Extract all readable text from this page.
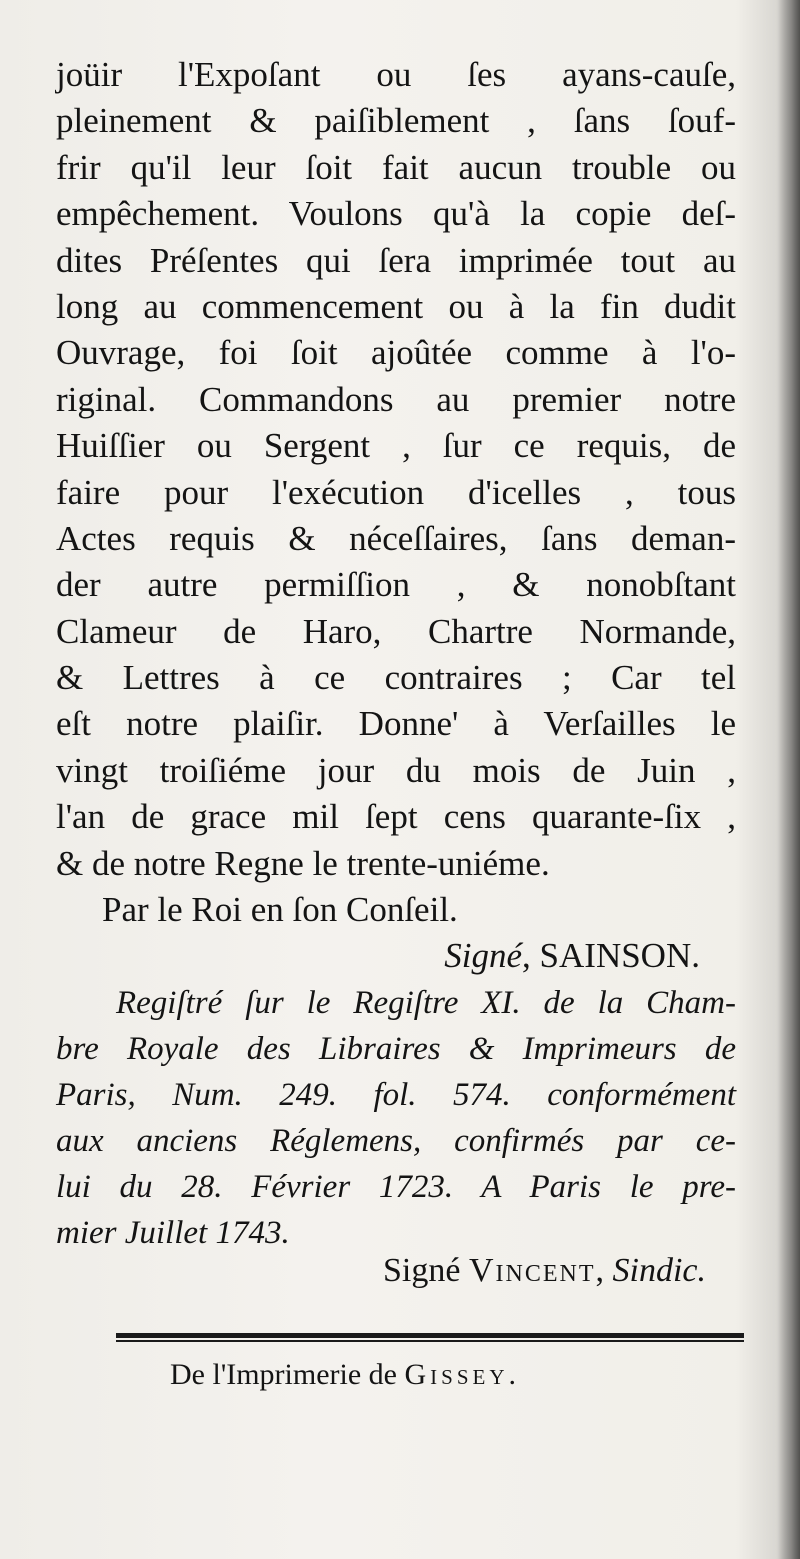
joüir l'Expoſant ou ſes ayans-cauſe,
pleinement & paiſiblement , ſans ſouf-
frir qu'il leur ſoit fait aucun trouble ou
empêchement. Voulons qu'à la copie deſ-
dites Préſentes qui ſera imprimée tout au
long au commencement ou à la fin dudit
Ouvrage, foi ſoit ajoûtée comme à l'o-
riginal. Commandons au premier notre
Huiſſier ou Sergent , ſur ce requis, de
faire pour l'exécution d'icelles , tous
Actes requis & néceſſaires, ſans deman-
der autre permiſſion , & nonobſtant
Clameur de Haro, Chartre Normande,
& Lettres à ce contraires ; Car tel
eſt notre plaiſir. Donne' à Verſailles le
vingt troiſiéme jour du mois de Juin ,
l'an de grace mil ſept cens quarante-ſix ,
& de notre Regne le trente-uniéme.
Par le Roi en ſon Conſeil.
Signé, SAINSON.
Regiſtré ſur le Regiſtre XI. de la Cham-
bre Royale des Libraires & Imprimeurs de
Paris, Num. 249. fol. 574. conformément
aux anciens Réglemens, confirmés par ce-
lui du 28. Février 1723. A Paris le pre-
mier Juillet 1743.
Signé Vincent, Sindic.
De l'Imprimerie de Gissey.
